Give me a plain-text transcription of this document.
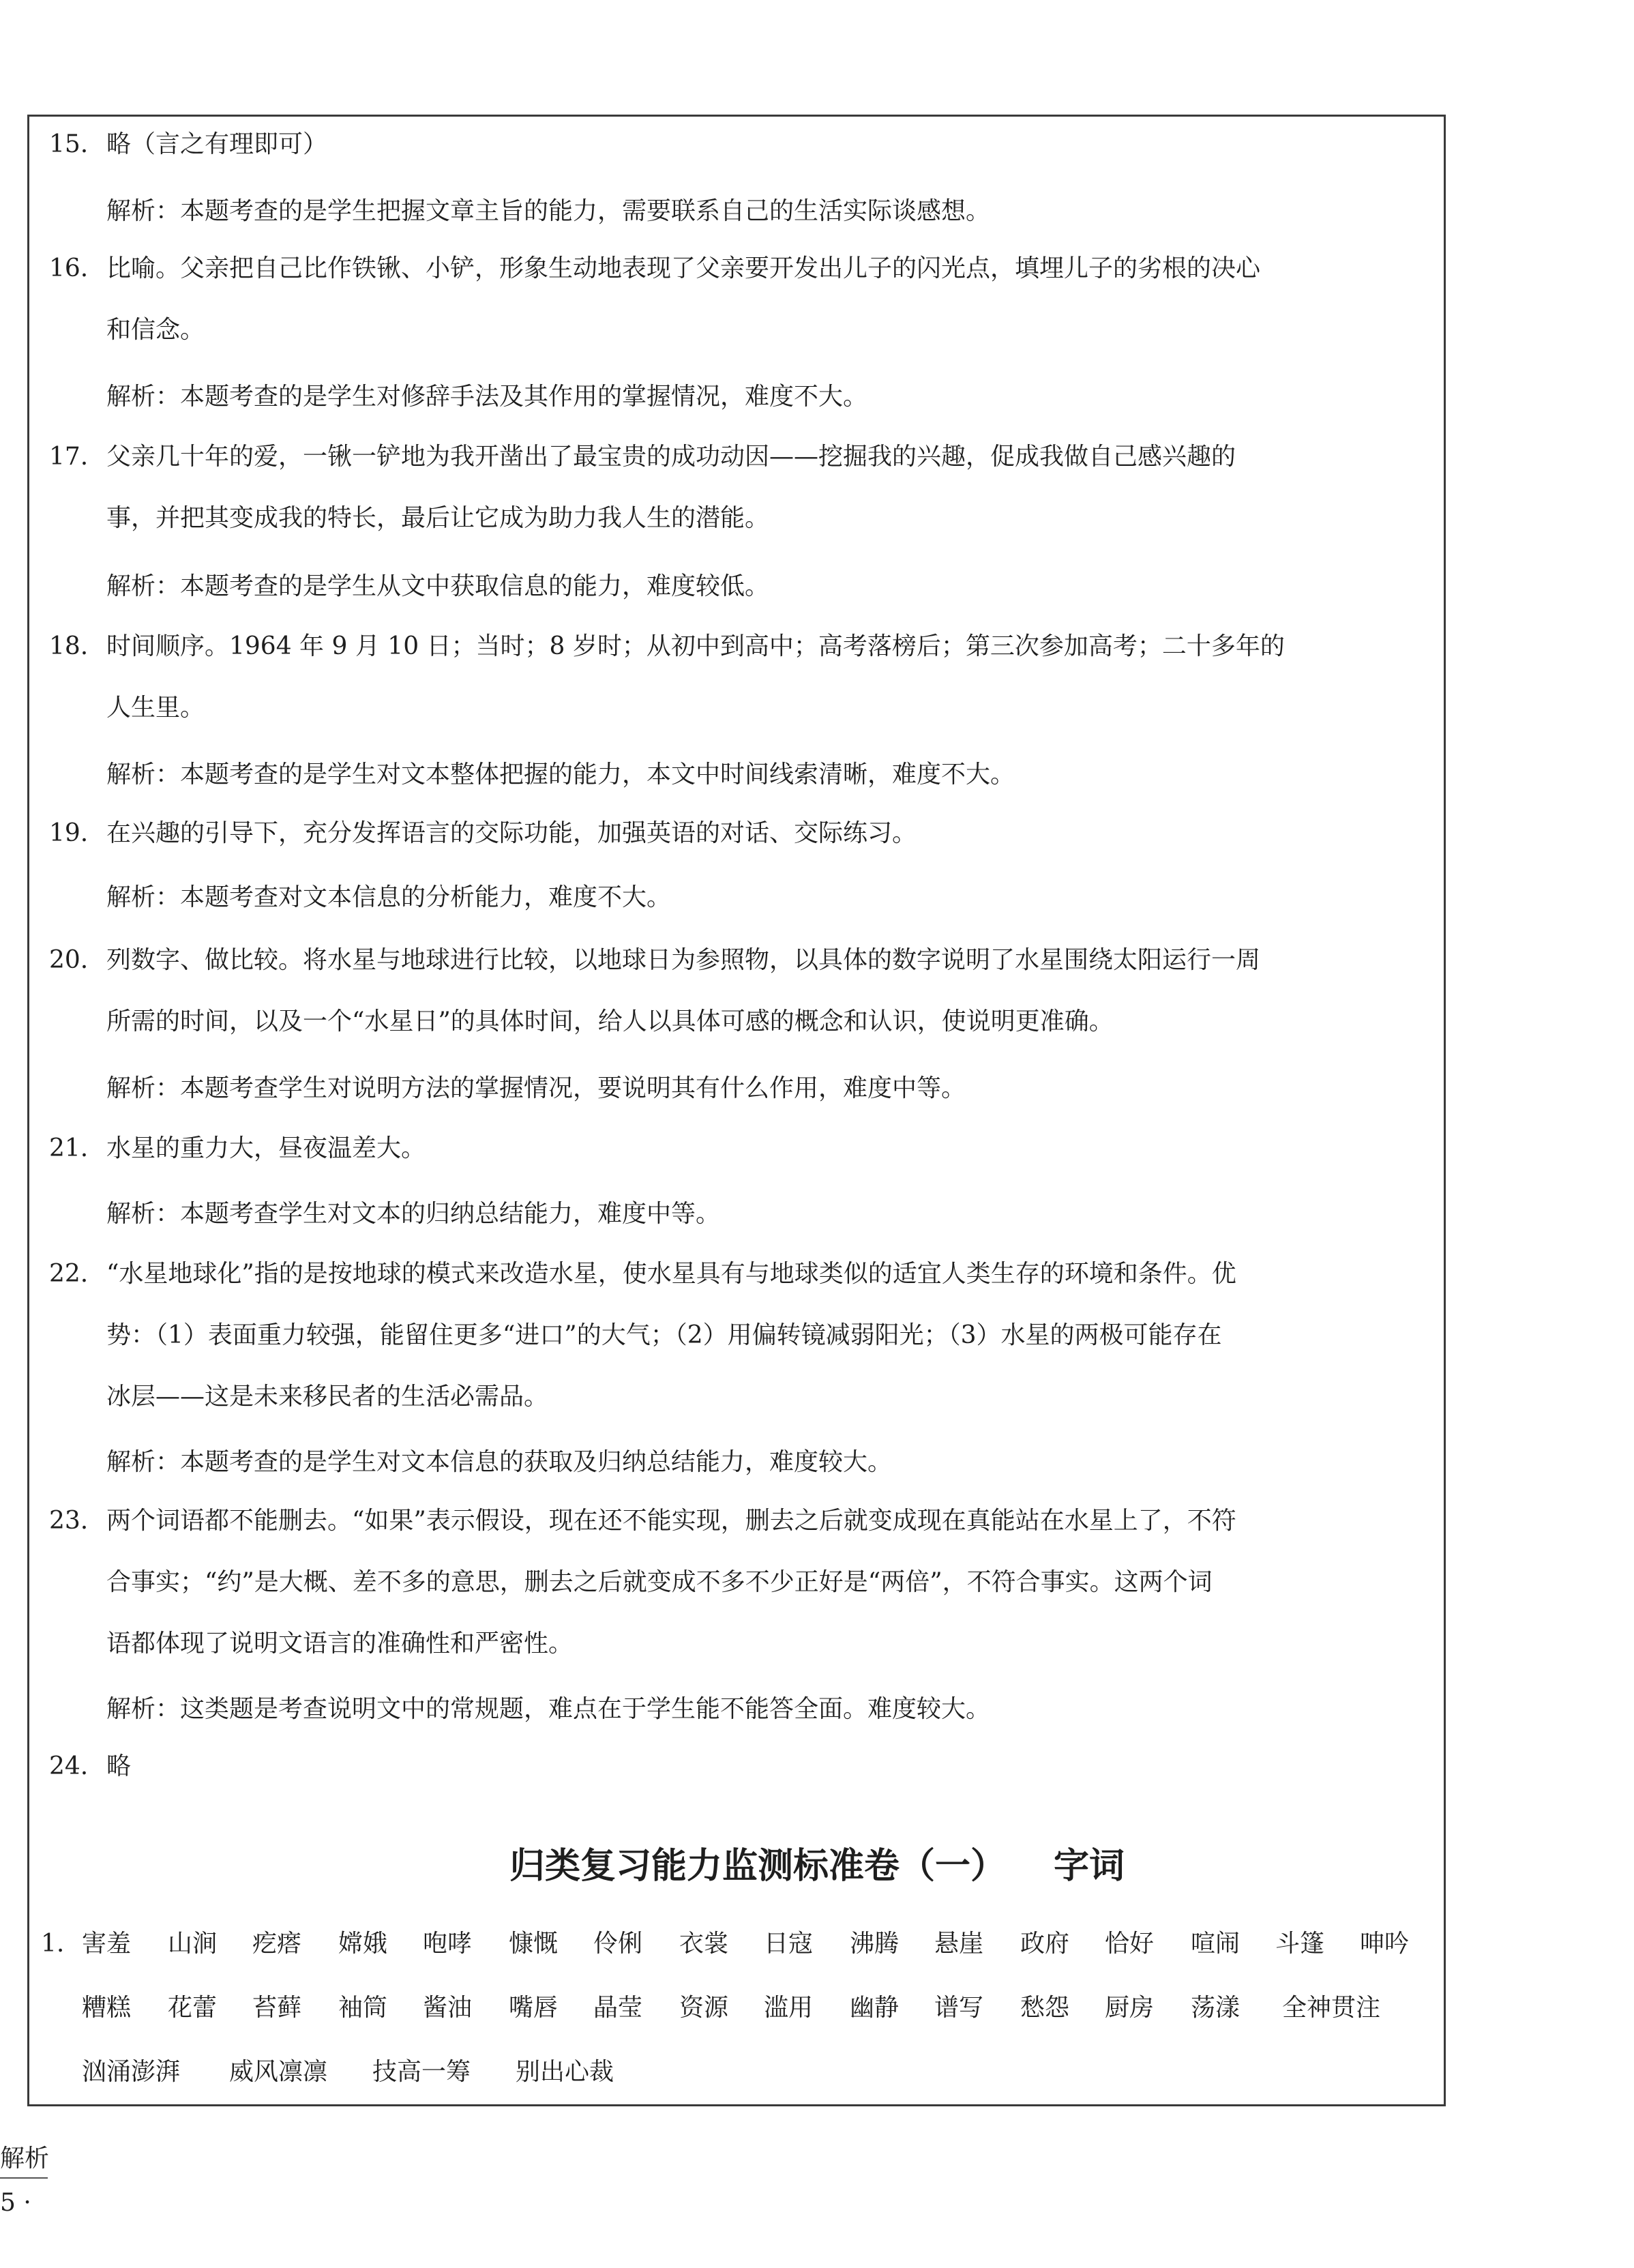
15. 略（言之有理即可）
解析：本题考查的是学生把握文章主旨的能力，需要联系自己的生活实际谈感想。
16. 比喻。父亲把自己比作铁锹、小铲，形象生动地表现了父亲要开发出儿子的闪光点，填埋儿子的劣根的决心
和信念。
解析：本题考查的是学生对修辞手法及其作用的掌握情况，难度不大。
17. 父亲几十年的爱，一锹一铲地为我开凿出了最宝贵的成功动因——挖掘我的兴趣，促成我做自己感兴趣的
事，并把其变成我的特长，最后让它成为助力我人生的潜能。
解析：本题考查的是学生从文中获取信息的能力，难度较低。
18. 时间顺序。1964 年 9 月 10 日；当时；8 岁时；从初中到高中；高考落榜后；第三次参加高考；二十多年的
人生里。
解析：本题考查的是学生对文本整体把握的能力，本文中时间线索清晰，难度不大。
19. 在兴趣的引导下，充分发挥语言的交际功能，加强英语的对话、交际练习。
解析：本题考查对文本信息的分析能力，难度不大。
20. 列数字、做比较。将水星与地球进行比较，以地球日为参照物，以具体的数字说明了水星围绕太阳运行一周
所需的时间，以及一个“水星日”的具体时间，给人以具体可感的概念和认识，使说明更准确。
解析：本题考查学生对说明方法的掌握情况，要说明其有什么作用，难度中等。
21. 水星的重力大，昼夜温差大。
解析：本题考查学生对文本的归纳总结能力，难度中等。
22. “水星地球化”指的是按地球的模式来改造水星，使水星具有与地球类似的适宜人类生存的环境和条件。优
势：（1）表面重力较强，能留住更多“进口”的大气；（2）用偏转镜减弱阳光；（3）水星的两极可能存在
冰层——这是未来移民者的生活必需品。
解析：本题考查的是学生对文本信息的获取及归纳总结能力，难度较大。
23. 两个词语都不能删去。“如果”表示假设，现在还不能实现，删去之后就变成现在真能站在水星上了，不符
合事实；“约”是大概、差不多的意思，删去之后就变成不多不少正好是“两倍”，不符合事实。这两个词
语都体现了说明文语言的准确性和严密性。
解析：这类题是考查说明文中的常规题，难点在于学生能不能答全面。难度较大。
24. 略
归类复习能力监测标准卷（一） 字词
1. 害羞 山涧 疙瘩 嫦娥 咆哮 慷慨 伶俐 衣裳 日寇 沸腾 悬崖 政府 恰好 喧闹 斗篷 呻吟
糟糕 花蕾 苔藓 袖筒 酱油 嘴唇 晶莹 资源 滥用 幽静 谱写 愁怨 厨房 荡漾 全神贯注
汹涌澎湃 威风凛凛 技高一筹 别出心裁
解析
5 ·
